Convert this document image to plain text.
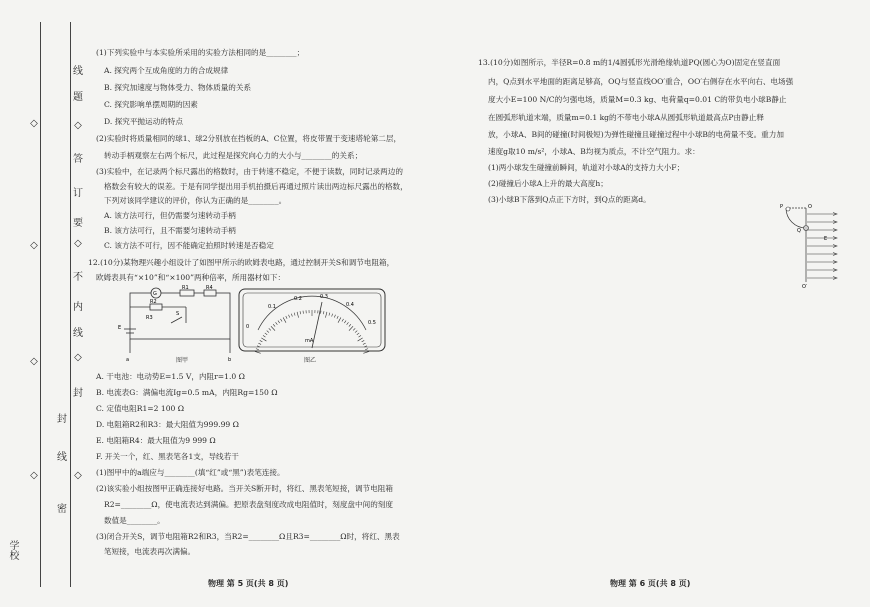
线
◇
题
答
订
要
◇
不
内
线
◇
封
◇
封
线
密
◇
◇
◇
◇
学校
(1)下列实验中与本实验所采用的实验方法相同的是________；
A. 探究两个互成角度的力的合成规律
B. 探究加速度与物体受力、物体质量的关系
C. 探究影响单摆周期的因素
D. 探究平抛运动的特点
(2)实验时将质量相同的球1、球2分别放在挡板的A、C位置，将皮带置于变速塔轮第二层，
转动手柄观察左右两个标尺，此过程是探究向心力的大小与________的关系；
(3)实验中，在记录两个标尺露出的格数时，由于转速不稳定，不便于读数，同时记录两边的
格数会有较大的误差。于是有同学提出用手机拍摄后再通过照片读出两边标尺露出的格数，
下列对该同学建议的评价，你认为正确的是________。
A. 该方法可行，但仍需要匀速转动手柄
B. 该方法可行，且不需要匀速转动手柄
C. 该方法不可行，因不能确定拍照时转速是否稳定
12.(10分)某物理兴趣小组设计了如图甲所示的欧姆表电路，通过控制开关S和调节电阻箱，
欧姆表具有“×10”和“×100”两种倍率，所用器材如下：
G
R1	R4
R2
R3
S
E
a	b
图甲
0
0.1
0.2	0.3
0.4
0.5
mA
图乙
A. 干电池：电动势E=1.5 V，内阻r=1.0 Ω
B. 电流表G：满偏电流Ig=0.5 mA，内阻Rg=150 Ω
C. 定值电阻R1=2 100 Ω
D. 电阻箱R2和R3：最大阻值为999.99 Ω
E. 电阻箱R4：最大阻值为9 999 Ω
F. 开关一个，红、黑表笔各1支，导线若干
(1)图甲中的a端应与________(填“红”或“黑”)表笔连接。
(2)该实验小组按图甲正确连接好电路。当开关S断开时，将红、黑表笔短接，调节电阻箱
R2=________Ω，使电流表达到满偏。把原表盘刻度改成电阻值时，刻度盘中间的刻度
数值是________。
(3)闭合开关S，调节电阻箱R2和R3，当R2=________Ω且R3=________Ω时，将红、黑表
笔短接，电流表再次满偏。
物理 第 5 页(共 8 页)
13.(10分)如图所示，半径R=0.8 m的1/4圆弧形光滑绝缘轨道PQ(圆心为O)固定在竖直面
内，Q点到水平地面的距离足够高，OQ与竖直线OO′重合，OO′右侧存在水平向右、电场强
度大小E=100 N/C的匀强电场，质量M=0.3 kg、电荷量q=0.01 C的带负电小球B静止
在圆弧形轨道末端，质量m=0.1 kg的不带电小球A从圆弧形轨道最高点P由静止释
放，小球A、B间的碰撞(时间极短)为弹性碰撞且碰撞过程中小球B的电荷量不变。重力加
速度g取10 m/s²，小球A、B均视为质点，不计空气阻力。求：
(1)两小球发生碰撞前瞬间，轨道对小球A的支持力大小F；
(2)碰撞后小球A上升的最大高度h；
(3)小球B下落到Q点正下方时，到Q点的距离d。
P	O
Q
E
O′
物理 第 6 页(共 8 页)
